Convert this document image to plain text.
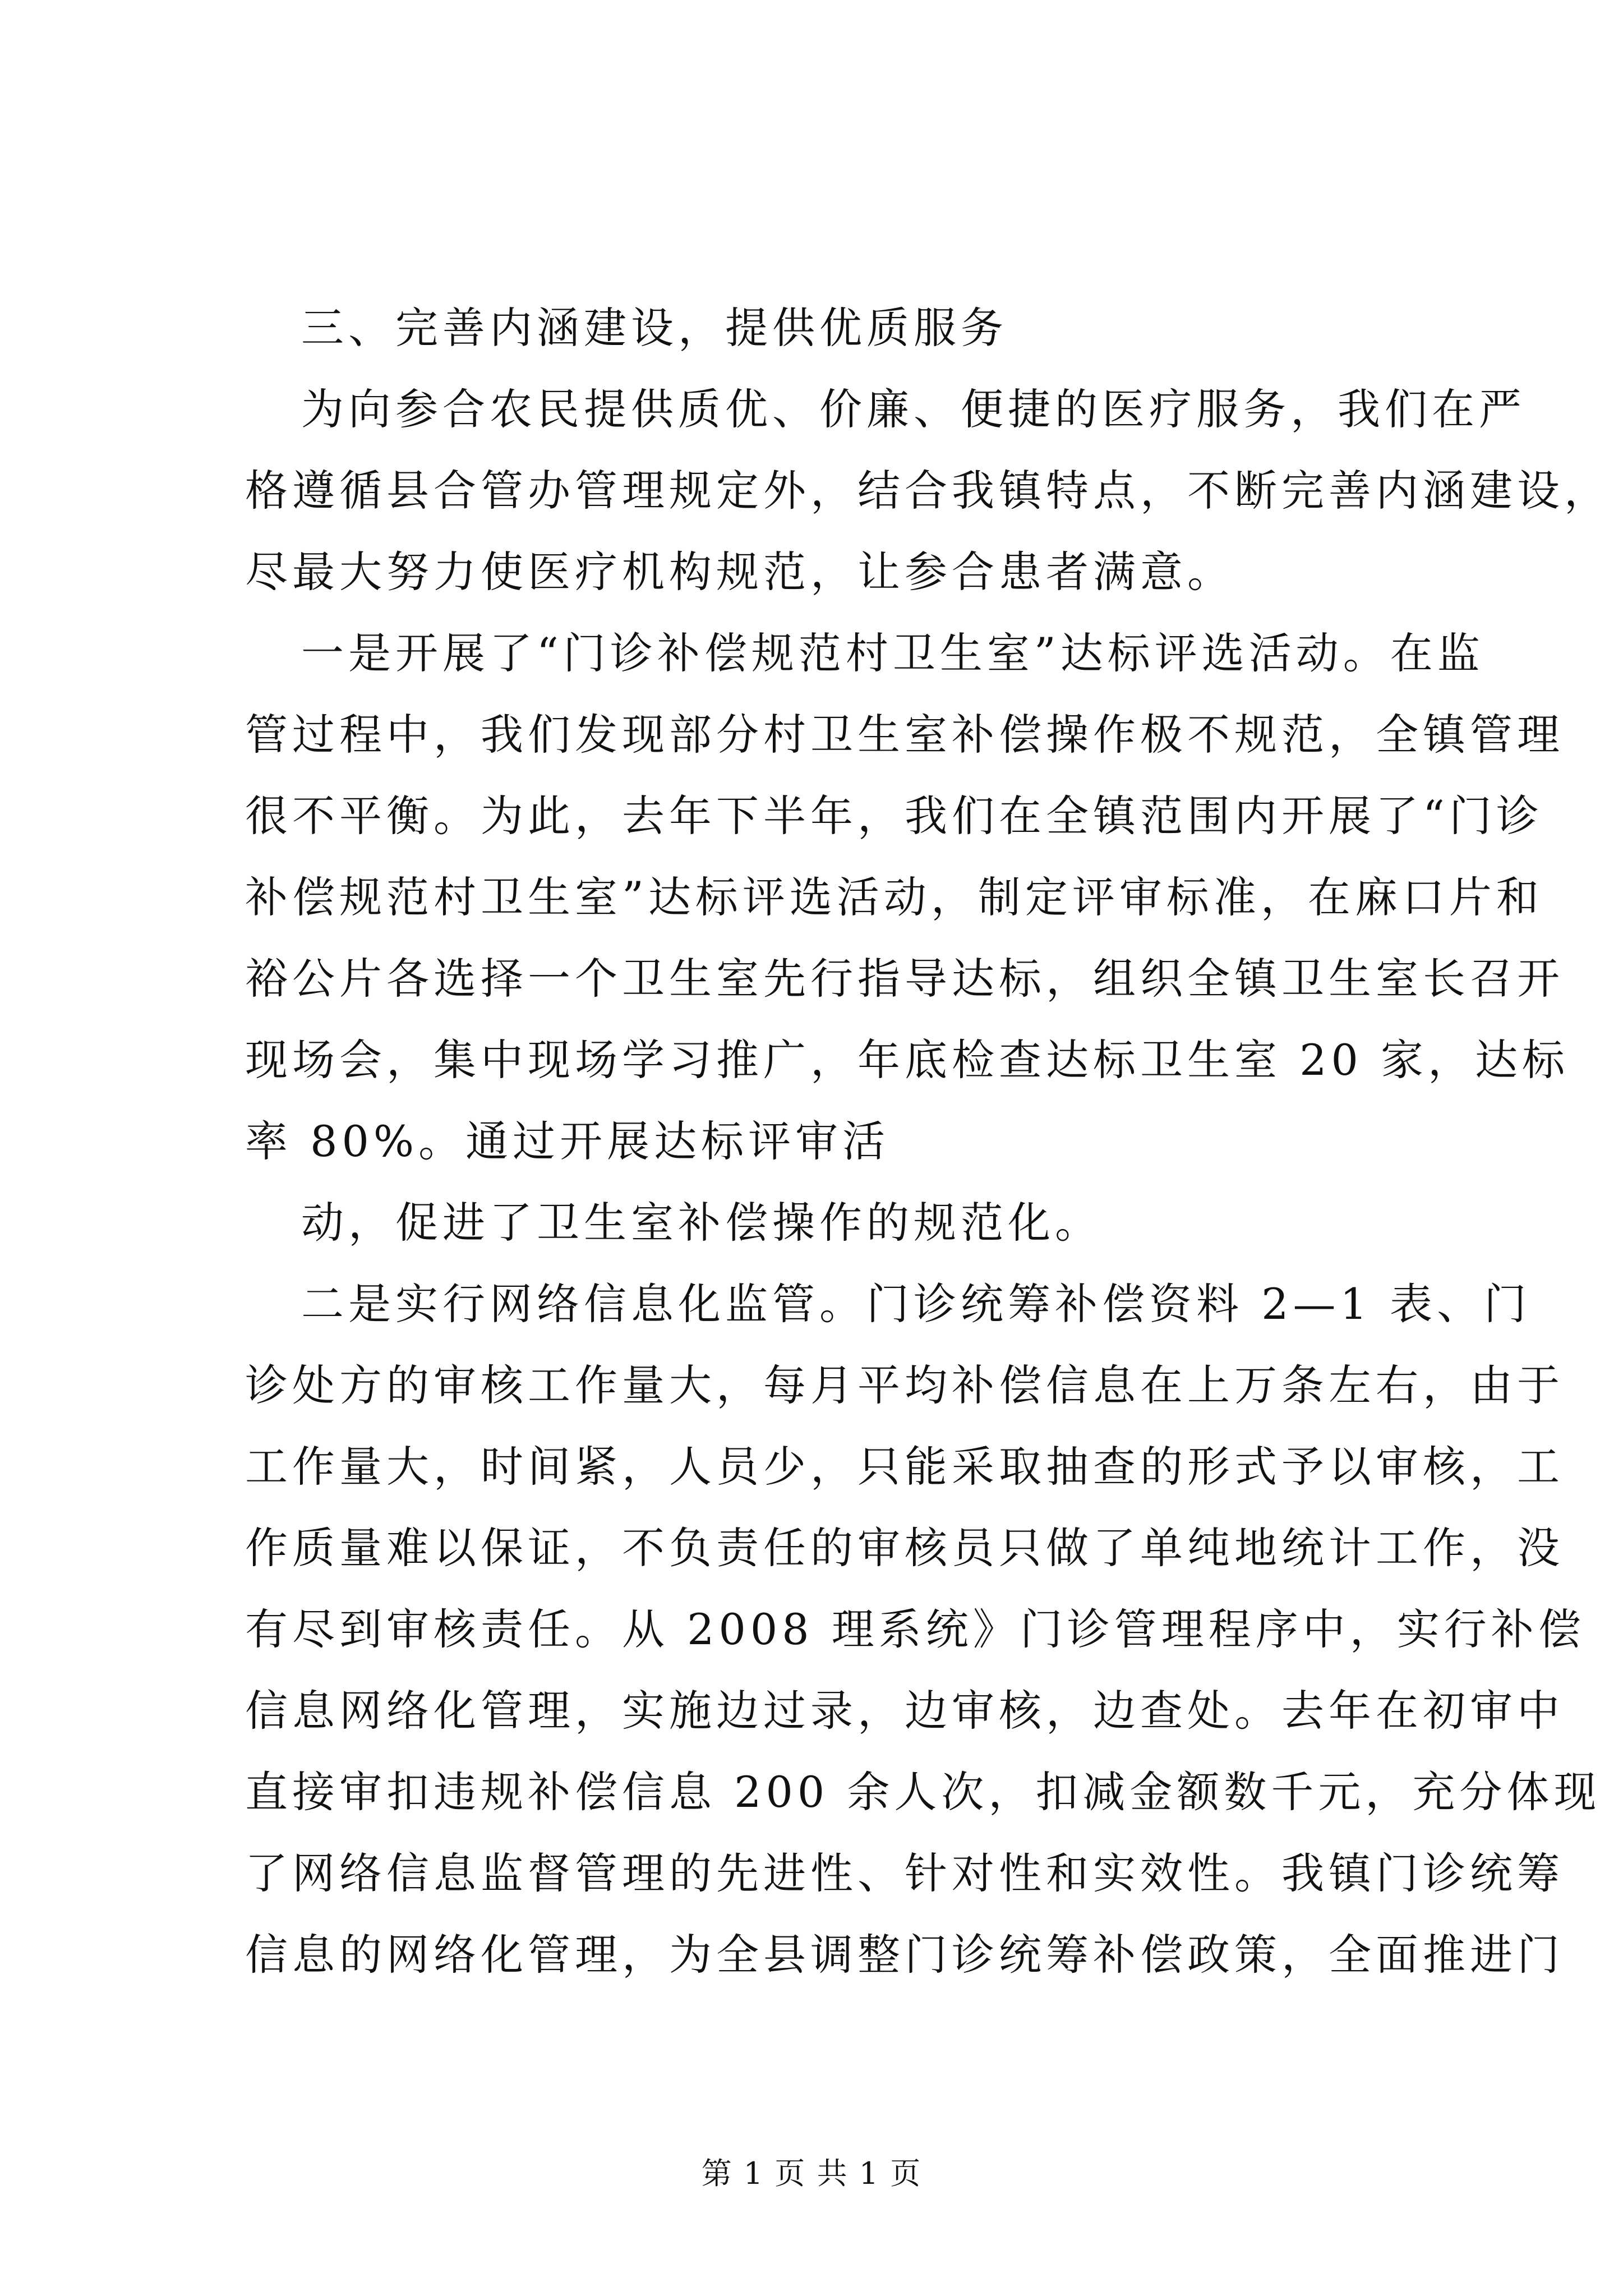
三、完善内涵建设，提供优质服务
为向参合农民提供质优、价廉、便捷的医疗服务，我们在严
格遵循县合管办管理规定外，结合我镇特点，不断完善内涵建设，
尽最大努力使医疗机构规范，让参合患者满意。
一是开展了“门诊补偿规范村卫生室”达标评选活动。在监
管过程中，我们发现部分村卫生室补偿操作极不规范，全镇管理
很不平衡。为此，去年下半年，我们在全镇范围内开展了“门诊
补偿规范村卫生室”达标评选活动，制定评审标准，在麻口片和
裕公片各选择一个卫生室先行指导达标，组织全镇卫生室长召开
现场会，集中现场学习推广，年底检查达标卫生室 20 家，达标
率 80%。通过开展达标评审活
动，促进了卫生室补偿操作的规范化。
二是实行网络信息化监管。门诊统筹补偿资料 2—1 表、门
诊处方的审核工作量大，每月平均补偿信息在上万条左右，由于
工作量大，时间紧，人员少，只能采取抽查的形式予以审核，工
作质量难以保证，不负责任的审核员只做了单纯地统计工作，没
有尽到审核责任。从 2008 理系统》门诊管理程序中，实行补偿
信息网络化管理，实施边过录，边审核，边查处。去年在初审中
直接审扣违规补偿信息 200 余人次，扣减金额数千元，充分体现
了网络信息监督管理的先进性、针对性和实效性。我镇门诊统筹
信息的网络化管理，为全县调整门诊统筹补偿政策，全面推进门
第 1 页 共 1 页
